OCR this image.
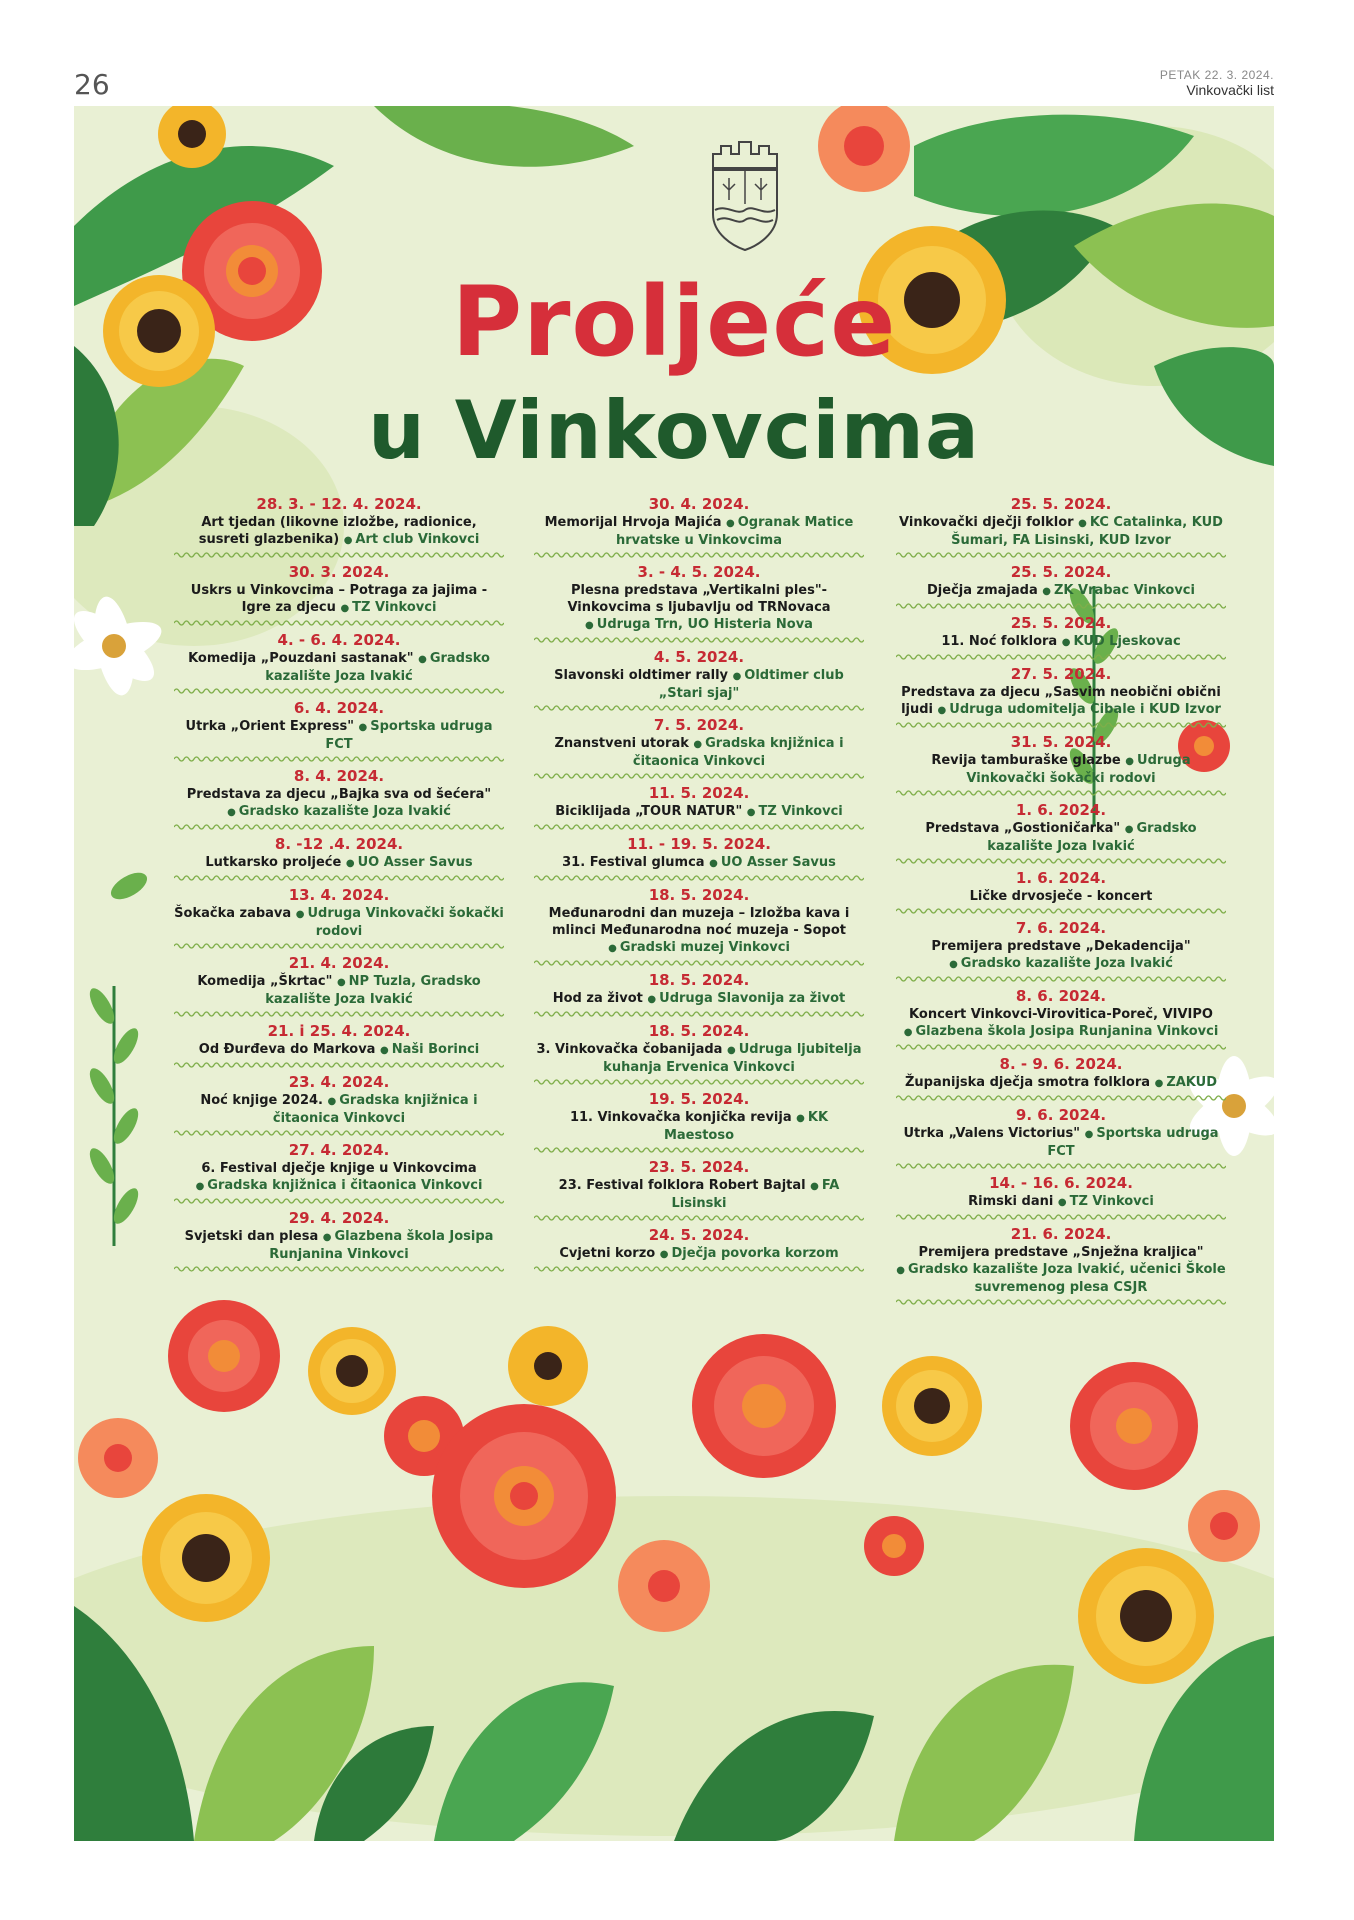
26	PETAK 22. 3. 2024.
Vinkovački list
Proljeće
u Vinkovcima
28. 3. - 12. 4. 2024.
Art tjedan (likovne izložbe, radionice, susreti glazbenika) ● Art club Vinkovci
30. 3. 2024.
Uskrs u Vinkovcima – Potraga za jajima - Igre za djecu ● TZ Vinkovci
4. - 6. 4. 2024.
Komedija „Pouzdani sastanak" ● Gradsko kazalište Joza Ivakić
6. 4. 2024.
Utrka „Orient Express" ● Sportska udruga FCT
8. 4. 2024.
Predstava za djecu „Bajka sva od šećera" ● Gradsko kazalište Joza Ivakić
8. -12 .4. 2024.
Lutkarsko proljeće ● UO Asser Savus
13. 4. 2024.
Šokačka zabava ● Udruga Vinkovački šokački rodovi
21. 4. 2024.
Komedija „Škrtac" ● NP Tuzla, Gradsko kazalište Joza Ivakić
21. i 25. 4. 2024.
Od Đurđeva do Markova ● Naši Borinci
23. 4. 2024.
Noć knjige 2024. ● Gradska knjižnica i čitaonica Vinkovci
27. 4. 2024.
6. Festival dječje knjige u Vinkovcima ● Gradska knjižnica i čitaonica Vinkovci
29. 4. 2024.
Svjetski dan plesa ● Glazbena škola Josipa Runjanina Vinkovci
30. 4. 2024.
Memorijal Hrvoja Majića ● Ogranak Matice hrvatske u Vinkovcima
3. - 4. 5. 2024.
Plesna predstava „Vertikalni ples"- Vinkovcima s ljubavlju od TRNovaca ● Udruga Trn, UO Histeria Nova
4. 5. 2024.
Slavonski oldtimer rally ● Oldtimer club „Stari sjaj"
7. 5. 2024.
Znanstveni utorak ● Gradska knjižnica i čitaonica Vinkovci
11. 5. 2024.
Biciklijada „TOUR NATUR" ● TZ Vinkovci
11. - 19. 5. 2024.
31. Festival glumca ● UO Asser Savus
18. 5. 2024.
Međunarodni dan muzeja – Izložba kava i mlinci Međunarodna noć muzeja - Sopot ● Gradski muzej Vinkovci
18. 5. 2024.
Hod za život ● Udruga Slavonija za život
18. 5. 2024.
3. Vinkovačka čobanijada ● Udruga ljubitelja kuhanja Ervenica Vinkovci
19. 5. 2024.
11. Vinkovačka konjička revija ● KK Maestoso
23. 5. 2024.
23. Festival folklora Robert Bajtal ● FA Lisinski
24. 5. 2024.
Cvjetni korzo ● Dječja povorka korzom
25. 5. 2024.
Vinkovački dječji folklor ● KC Catalinka, KUD Šumari, FA Lisinski, KUD Izvor
25. 5. 2024.
Dječja zmajada ● ZK Vrabac Vinkovci
25. 5. 2024.
11. Noć folklora ● KUD Ljeskovac
27. 5. 2024.
Predstava za djecu „Sasvim neobični obični ljudi ● Udruga udomitelja Cibale i KUD Izvor
31. 5. 2024.
Revija tamburaške glazbe ● Udruga Vinkovački šokački rodovi
1. 6. 2024.
Predstava „Gostioničarka" ● Gradsko kazalište Joza Ivakić
1. 6. 2024.
Ličke drvosječe - koncert
7. 6. 2024.
Premijera predstave „Dekadencija" ● Gradsko kazalište Joza Ivakić
8. 6. 2024.
Koncert Vinkovci-Virovitica-Poreč, VIVIPO ● Glazbena škola Josipa Runjanina Vinkovci
8. - 9. 6. 2024.
Županijska dječja smotra folklora ● ZAKUD
9. 6. 2024.
Utrka „Valens Victorius" ● Sportska udruga FCT
14. - 16. 6. 2024.
Rimski dani ● TZ Vinkovci
21. 6. 2024.
Premijera predstave „Snježna kraljica" ● Gradsko kazalište Joza Ivakić, učenici Škole suvremenog plesa CSJR
